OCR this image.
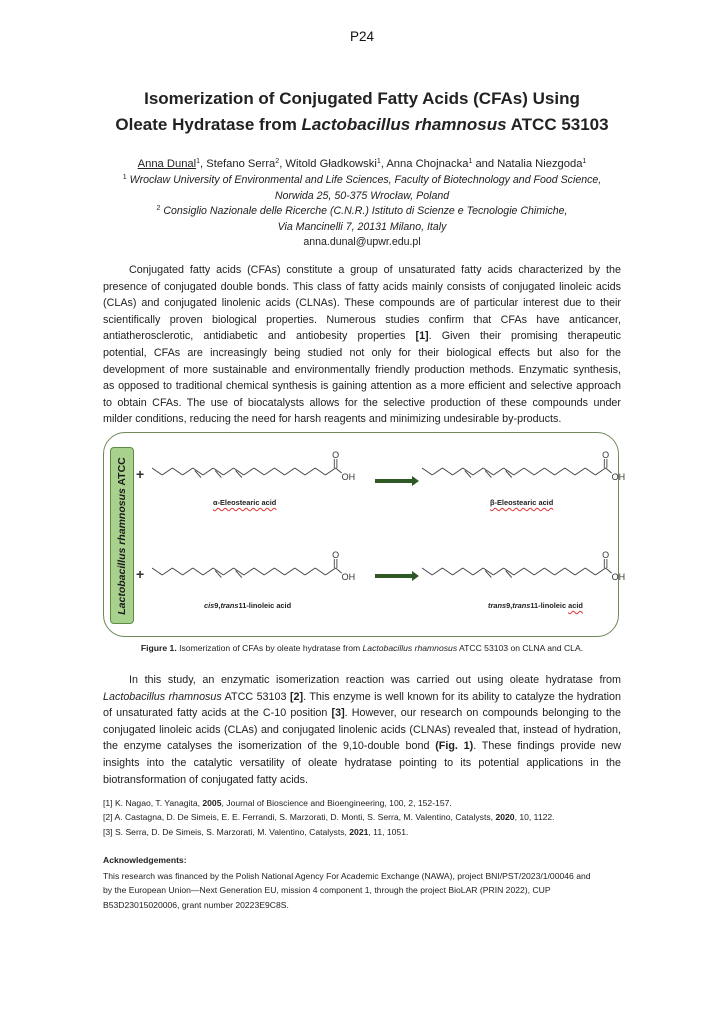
P24
Isomerization of Conjugated Fatty Acids (CFAs) Using
Oleate Hydratase from Lactobacillus rhamnosus ATCC 53103
Anna Dunal$^1$, Stefano Serra$^2$, Witold Gładkowski$^1$, Anna Chojnacka$^1$ and Natalia Niezgoda$^1$
$^1$ Wrocław University of Environmental and Life Sciences, Faculty of Biotechnology and Food Science,
Norwida 25, 50-375 Wrocław, Poland
$^2$ Consiglio Nazionale delle Ricerche (C.N.R.) Istituto di Scienze e Tecnologie Chimiche,
Via Mancinelli 7, 20131 Milano, Italy
anna.dunal@upwr.edu.pl
Conjugated fatty acids (CFAs) constitute a group of unsaturated fatty acids characterized by the
presence of conjugated double bonds. This class of fatty acids mainly consists of conjugated linoleic acids
(CLAs) and conjugated linolenic acids (CLNAs). These compounds are of particular interest due to their
scientifically proven biological properties. Numerous studies confirm that CFAs have anticancer,
antiatherosclerotic, antidiabetic and antiobesity properties [1]. Given their promising therapeutic
potential, CFAs are increasingly being studied not only for their biological effects but also for the
development of more sustainable and environmentally friendly production methods. Enzymatic synthesis,
as opposed to traditional chemical synthesis is gaining attention as a more efficient and selective approach
to obtain CFAs. The use of biocatalysts allows for the selective production of these compounds under
milder conditions, reducing the need for harsh reagents and minimizing undesirable by-products.
Lactobacillus rhamnosus ATCC +
+
O
OH
O
OH
O
OH
O
OH
α-Eleostearic acid	β-Eleostearic acid
cis9,trans11-linoleic acid	trans9,trans11-linoleic acid
Figure 1. Isomerization of CFAs by oleate hydratase from Lactobacillus rhamnosus ATCC 53103 on CLNA and CLA.
In this study, an enzymatic isomerization reaction was carried out using oleate hydratase from
Lactobacillus rhamnosus ATCC 53103 [2]. This enzyme is well known for its ability to catalyze the hydration
of unsaturated fatty acids at the C-10 position [3]. However, our research on compounds belonging to the
conjugated linoleic acids (CLAs) and conjugated linolenic acids (CLNAs) revealed that, instead of hydration,
the enzyme catalyses the isomerization of the 9,10-double bond (Fig. 1). These findings provide new
insights into the catalytic versatility of oleate hydratase pointing to its potential applications in the
biotransformation of conjugated fatty acids.
[1] K. Nagao, T. Yanagita, 2005, Journal of Bioscience and Bioengineering, 100, 2, 152-157.
[2] A. Castagna, D. De Simeis, E. E. Ferrandi, S. Marzorati, D. Monti, S. Serra, M. Valentino, Catalysts, 2020, 10, 1122.
[3] S. Serra, D. De Simeis, S. Marzorati, M. Valentino, Catalysts, 2021, 11, 1051.
Acknowledgements:
This research was financed by the Polish National Agency For Academic Exchange (NAWA), project BNI/PST/2023/1/00046 and
by the European Union—Next Generation EU, mission 4 component 1, through the project BioLAR (PRIN 2022), CUP
B53D23015020006, grant number 20223E9C8S.
